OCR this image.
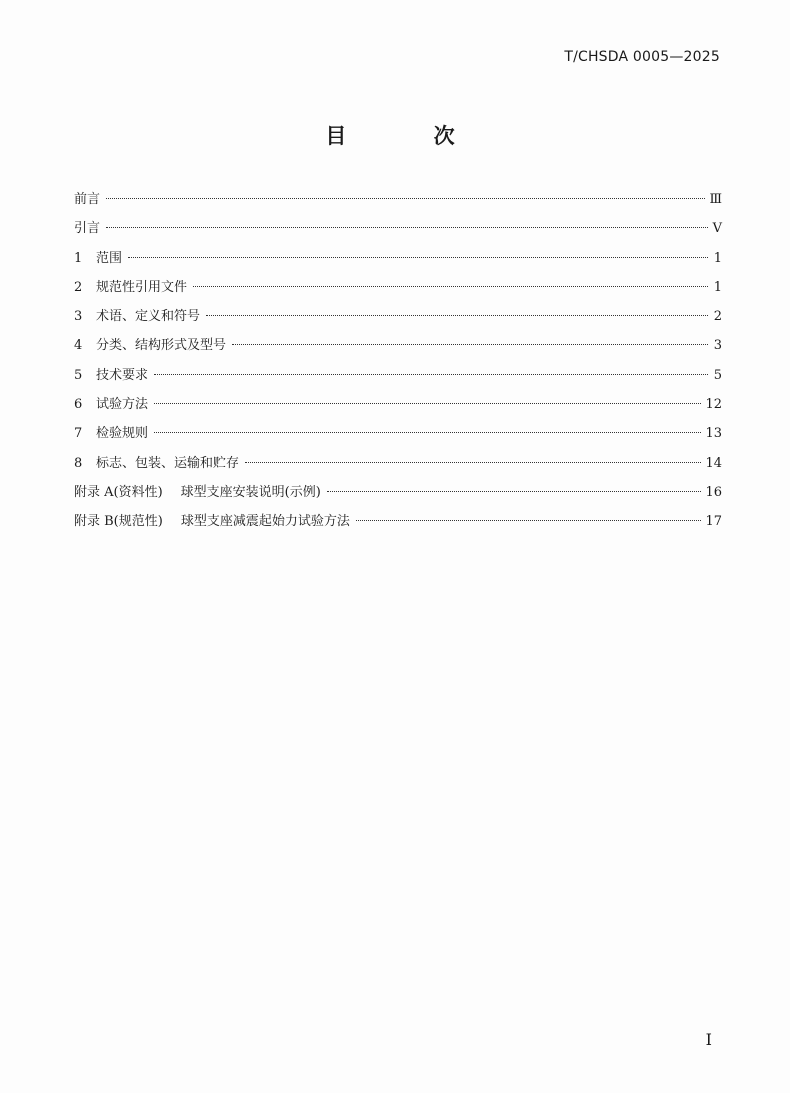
T/CHSDA 0005—2025
目 次
前言	Ⅲ
引言	Ⅴ
1	范围	1
2	规范性引用文件	1
3	术语、定义和符号	2
4	分类、结构形式及型号	3
5	技术要求	5
6	试验方法	12
7	检验规则	13
8	标志、包装、运输和贮存	14
附录 A(资料性) 球型支座安装说明(示例)	16
附录 B(规范性) 球型支座减震起始力试验方法	17
Ⅰ
